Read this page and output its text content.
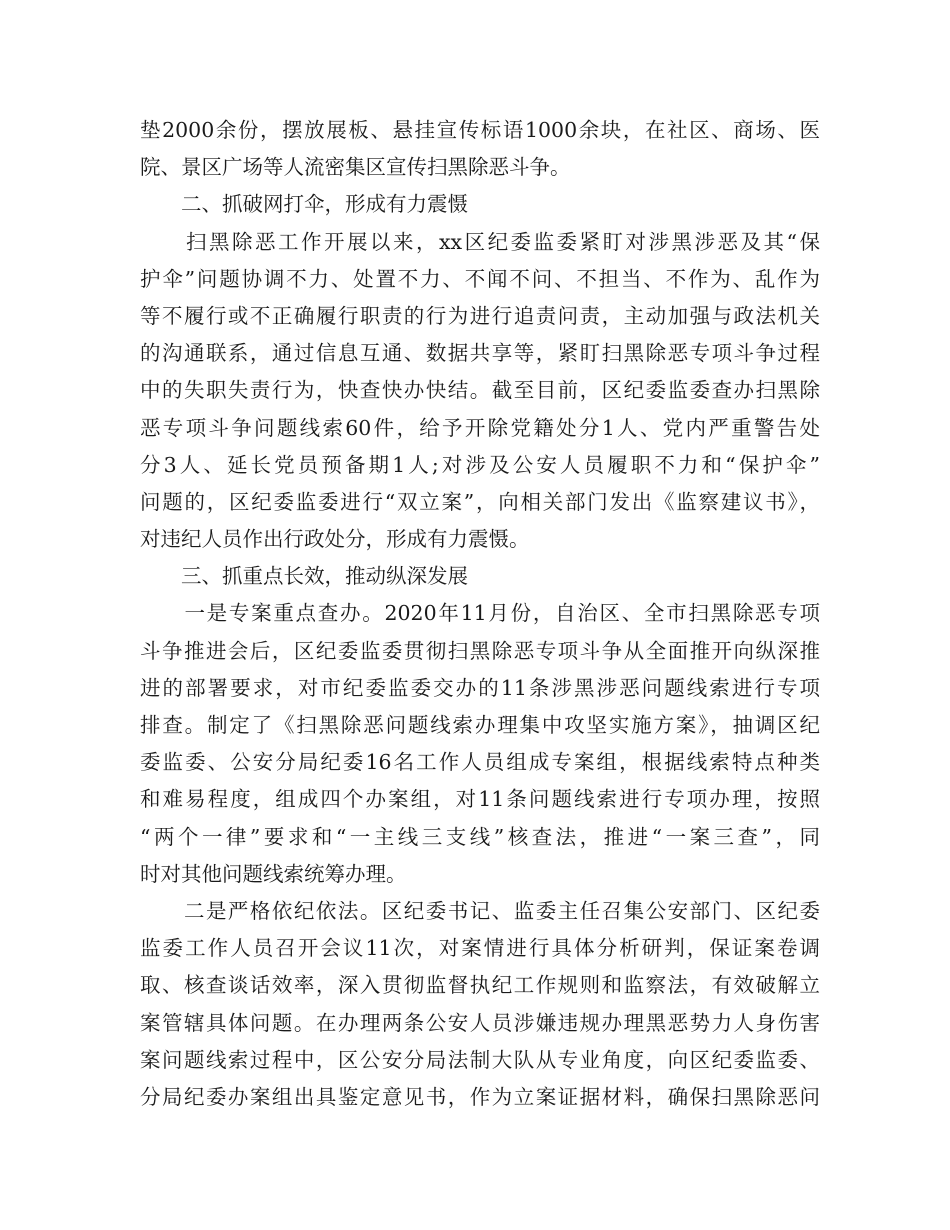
垫2000余份，摆放展板、悬挂宣传标语1000余块，在社区、商场、医
院、景区广场等人流密集区宣传扫黑除恶斗争。
　　二、抓破网打伞，形成有力震慑
　　扫黑除恶工作开展以来，xx区纪委监委紧盯对涉黑涉恶及其“保
护伞”问题协调不力、处置不力、不闻不问、不担当、不作为、乱作为
等不履行或不正确履行职责的行为进行追责问责，主动加强与政法机关
的沟通联系，通过信息互通、数据共享等，紧盯扫黑除恶专项斗争过程
中的失职失责行为，快查快办快结。截至目前，区纪委监委查办扫黑除
恶专项斗争问题线索60件，给予开除党籍处分1人、党内严重警告处
分3人、延长党员预备期1人;对涉及公安人员履职不力和“保护伞”
问题的，区纪委监委进行“双立案”，向相关部门发出《监察建议书》，
对违纪人员作出行政处分，形成有力震慑。
　　三、抓重点长效，推动纵深发展
　　一是专案重点查办。2020年11月份，自治区、全市扫黑除恶专项
斗争推进会后，区纪委监委贯彻扫黑除恶专项斗争从全面推开向纵深推
进的部署要求，对市纪委监委交办的11条涉黑涉恶问题线索进行专项
排查。制定了《扫黑除恶问题线索办理集中攻坚实施方案》，抽调区纪
委监委、公安分局纪委16名工作人员组成专案组，根据线索特点种类
和难易程度，组成四个办案组，对11条问题线索进行专项办理，按照
“两个一律”要求和“一主线三支线”核查法，推进“一案三查”，同
时对其他问题线索统筹办理。
　　二是严格依纪依法。区纪委书记、监委主任召集公安部门、区纪委
监委工作人员召开会议11次，对案情进行具体分析研判，保证案卷调
取、核查谈话效率，深入贯彻监督执纪工作规则和监察法，有效破解立
案管辖具体问题。在办理两条公安人员涉嫌违规办理黑恶势力人身伤害
案问题线索过程中，区公安分局法制大队从专业角度，向区纪委监委、
分局纪委办案组出具鉴定意见书，作为立案证据材料，确保扫黑除恶问
